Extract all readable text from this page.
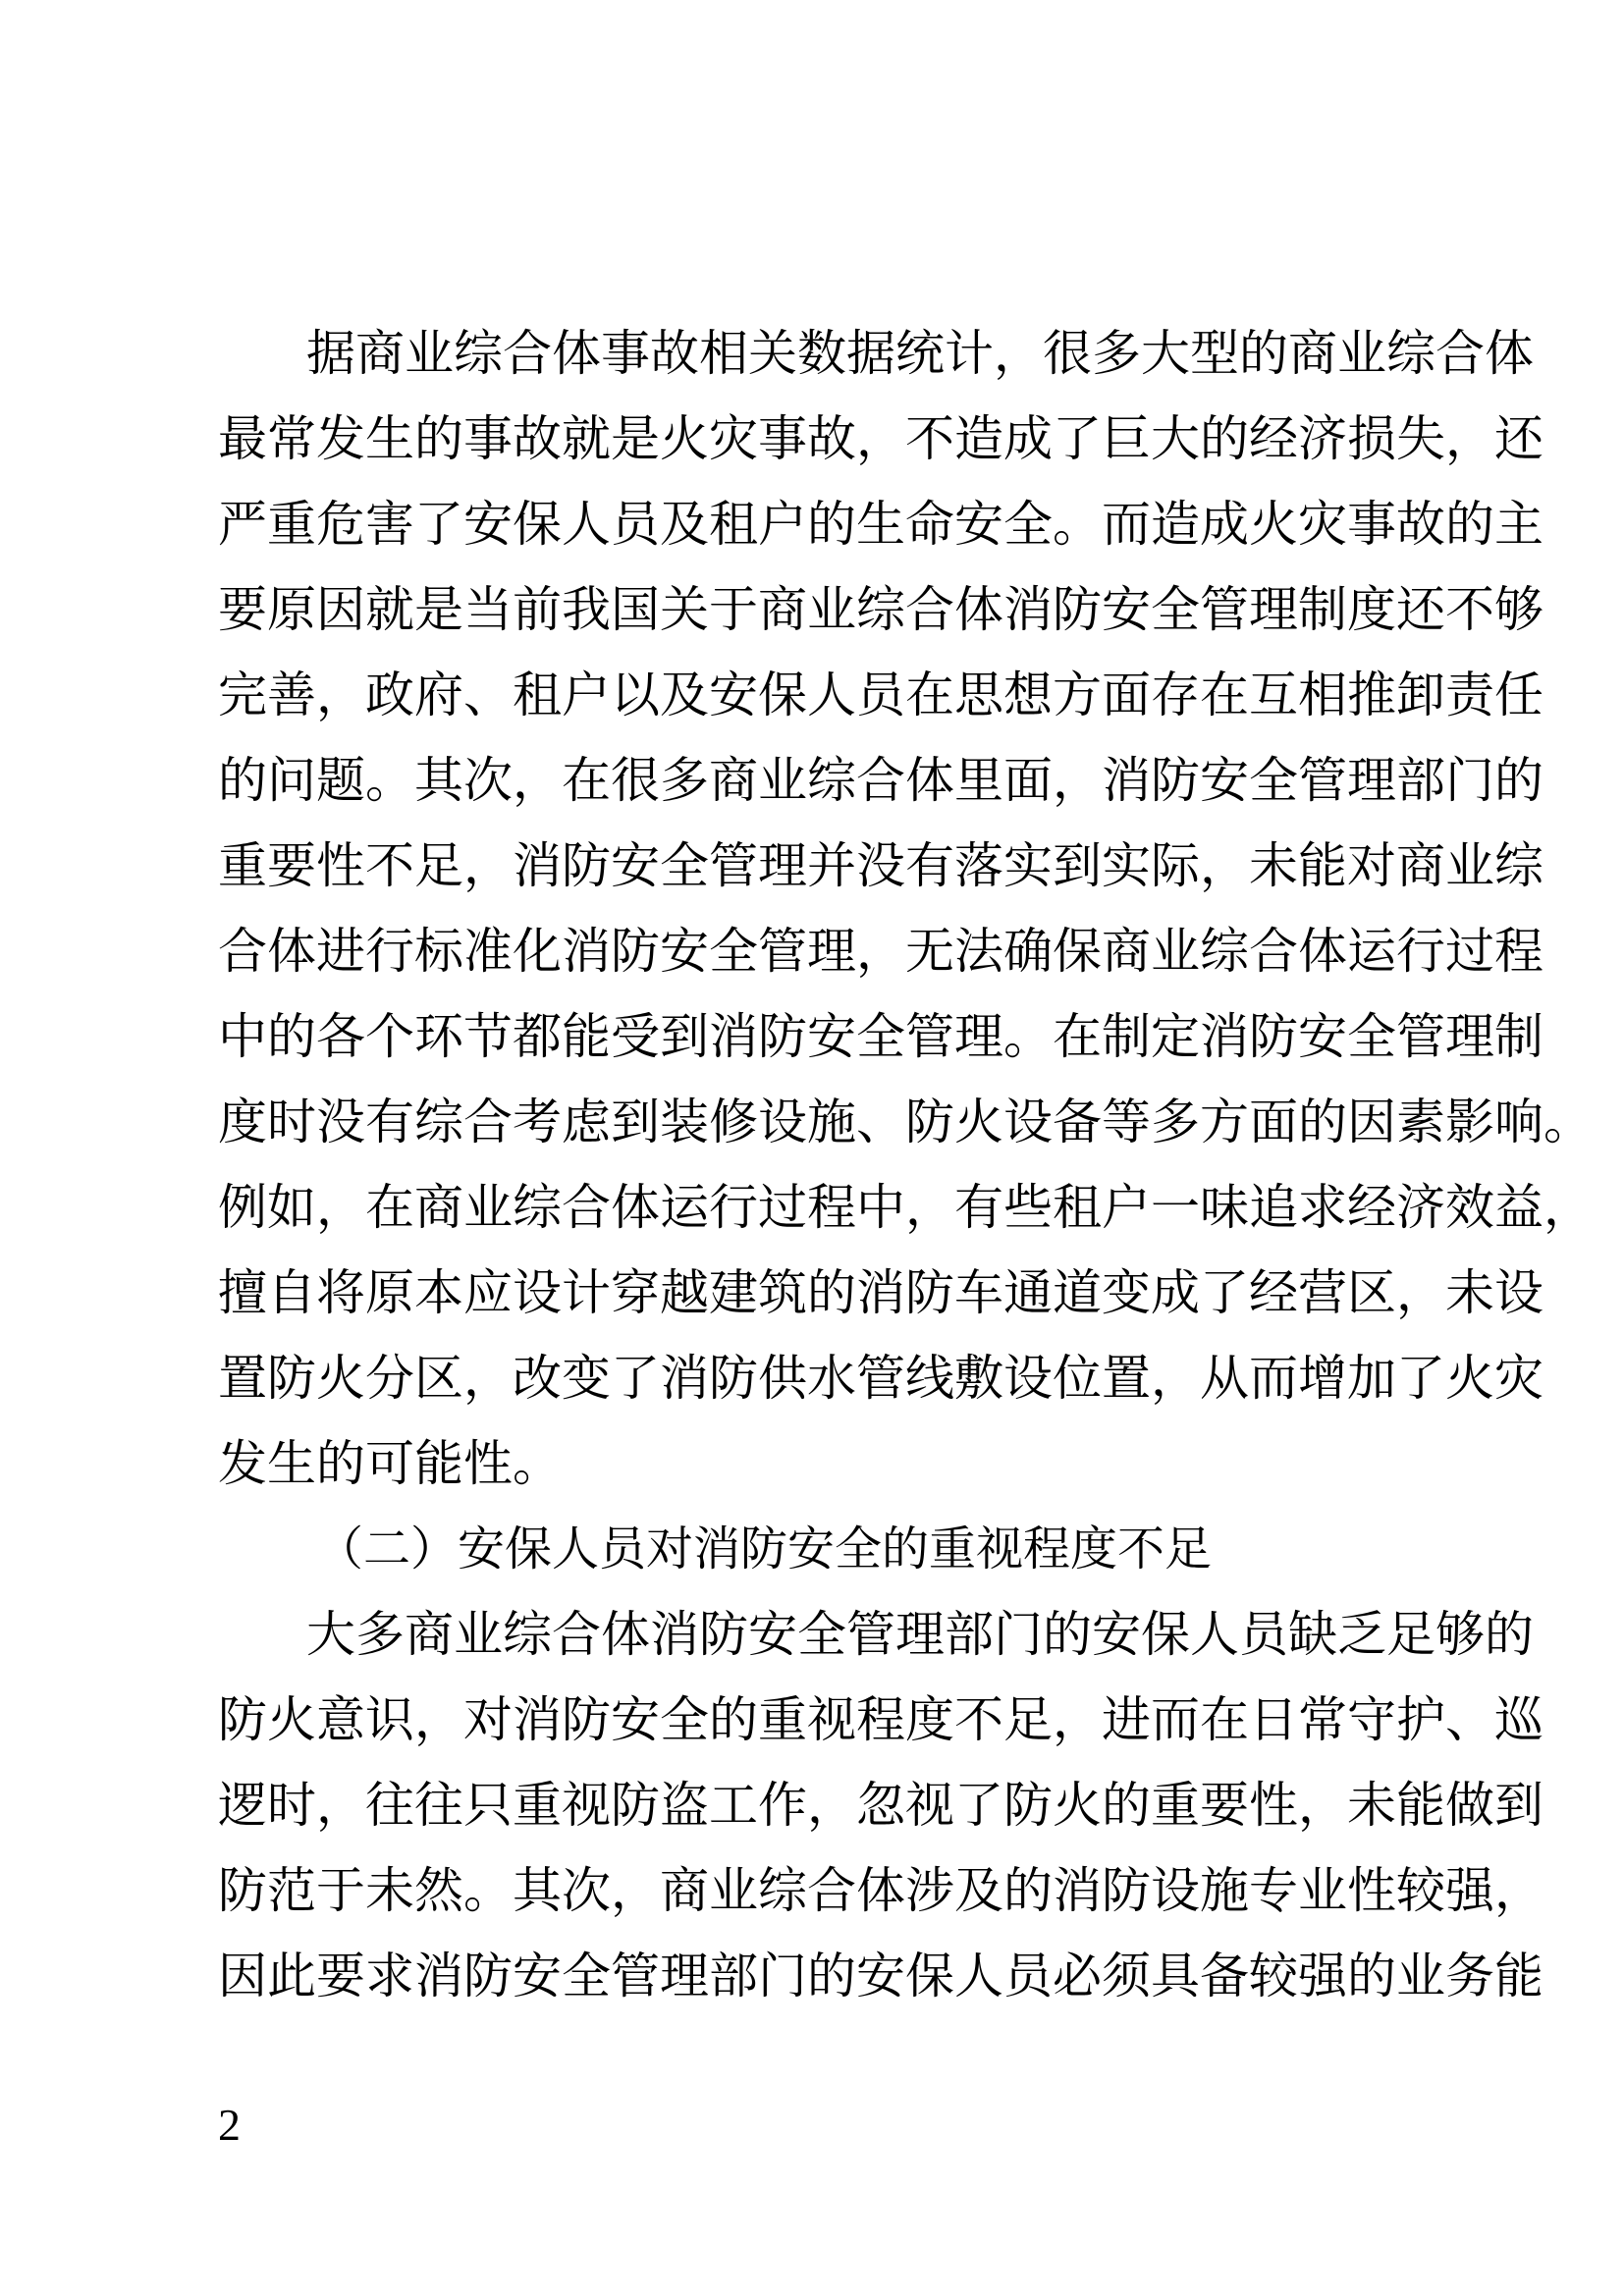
据商业综合体事故相关数据统计，很多大型的商业综合体
最常发生的事故就是火灾事故，不造成了巨大的经济损失，还
严重危害了安保人员及租户的生命安全。而造成火灾事故的主
要原因就是当前我国关于商业综合体消防安全管理制度还不够
完善，政府、租户以及安保人员在思想方面存在互相推卸责任
的问题。其次，在很多商业综合体里面，消防安全管理部门的
重要性不足，消防安全管理并没有落实到实际，未能对商业综
合体进行标准化消防安全管理，无法确保商业综合体运行过程
中的各个环节都能受到消防安全管理。在制定消防安全管理制
度时没有综合考虑到装修设施、防火设备等多方面的因素影响。
例如，在商业综合体运行过程中，有些租户一味追求经济效益，
擅自将原本应设计穿越建筑的消防车通道变成了经营区，未设
置防火分区，改变了消防供水管线敷设位置，从而增加了火灾
发生的可能性。
（二）安保人员对消防安全的重视程度不足
大多商业综合体消防安全管理部门的安保人员缺乏足够的
防火意识，对消防安全的重视程度不足，进而在日常守护、巡
逻时，往往只重视防盗工作，忽视了防火的重要性，未能做到
防范于未然。其次，商业综合体涉及的消防设施专业性较强，
因此要求消防安全管理部门的安保人员必须具备较强的业务能
2
